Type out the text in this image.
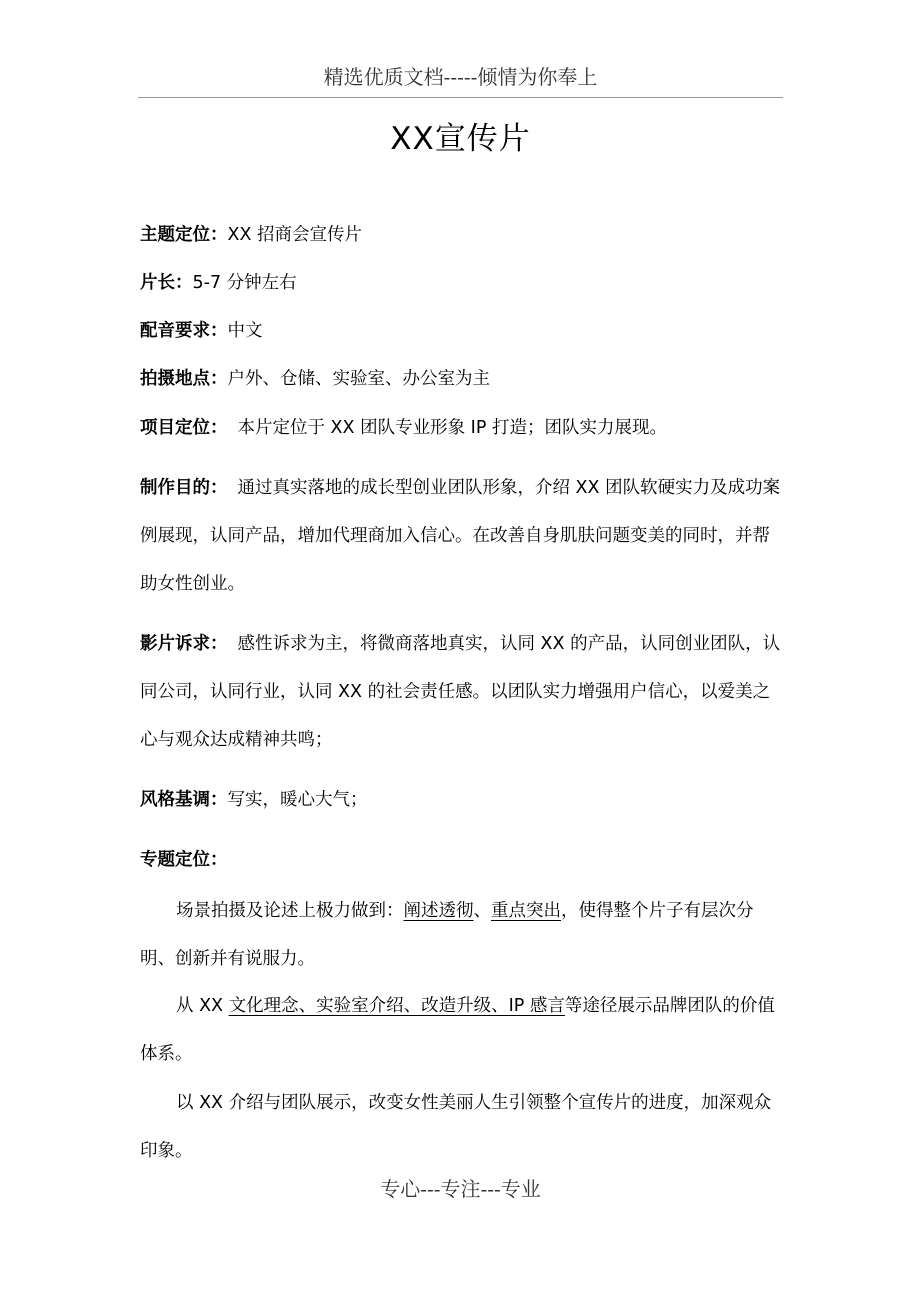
精选优质文档-----倾情为你奉上
XX宣传片
主题定位：XX 招商会宣传片
片长：5-7 分钟左右
配音要求：中文
拍摄地点：户外、仓储、实验室、办公室为主
项目定位： 本片定位于 XX 团队专业形象 IP 打造；团队实力展现。
制作目的： 通过真实落地的成长型创业团队形象，介绍 XX 团队软硬实力及成功案例展现，认同产品，增加代理商加入信心。在改善自身肌肤问题变美的同时，并帮助女性创业。
影片诉求： 感性诉求为主，将微商落地真实，认同 XX 的产品，认同创业团队，认同公司，认同行业，认同 XX 的社会责任感。以团队实力增强用户信心，以爱美之心与观众达成精神共鸣；
风格基调：写实，暖心大气；
专题定位：
场景拍摄及论述上极力做到：阐述透彻、重点突出，使得整个片子有层次分明、创新并有说服力。
从 XX 文化理念、实验室介绍、改造升级、IP 感言等途径展示品牌团队的价值体系。
以 XX 介绍与团队展示，改变女性美丽人生引领整个宣传片的进度，加深观众印象。
专心---专注---专业
